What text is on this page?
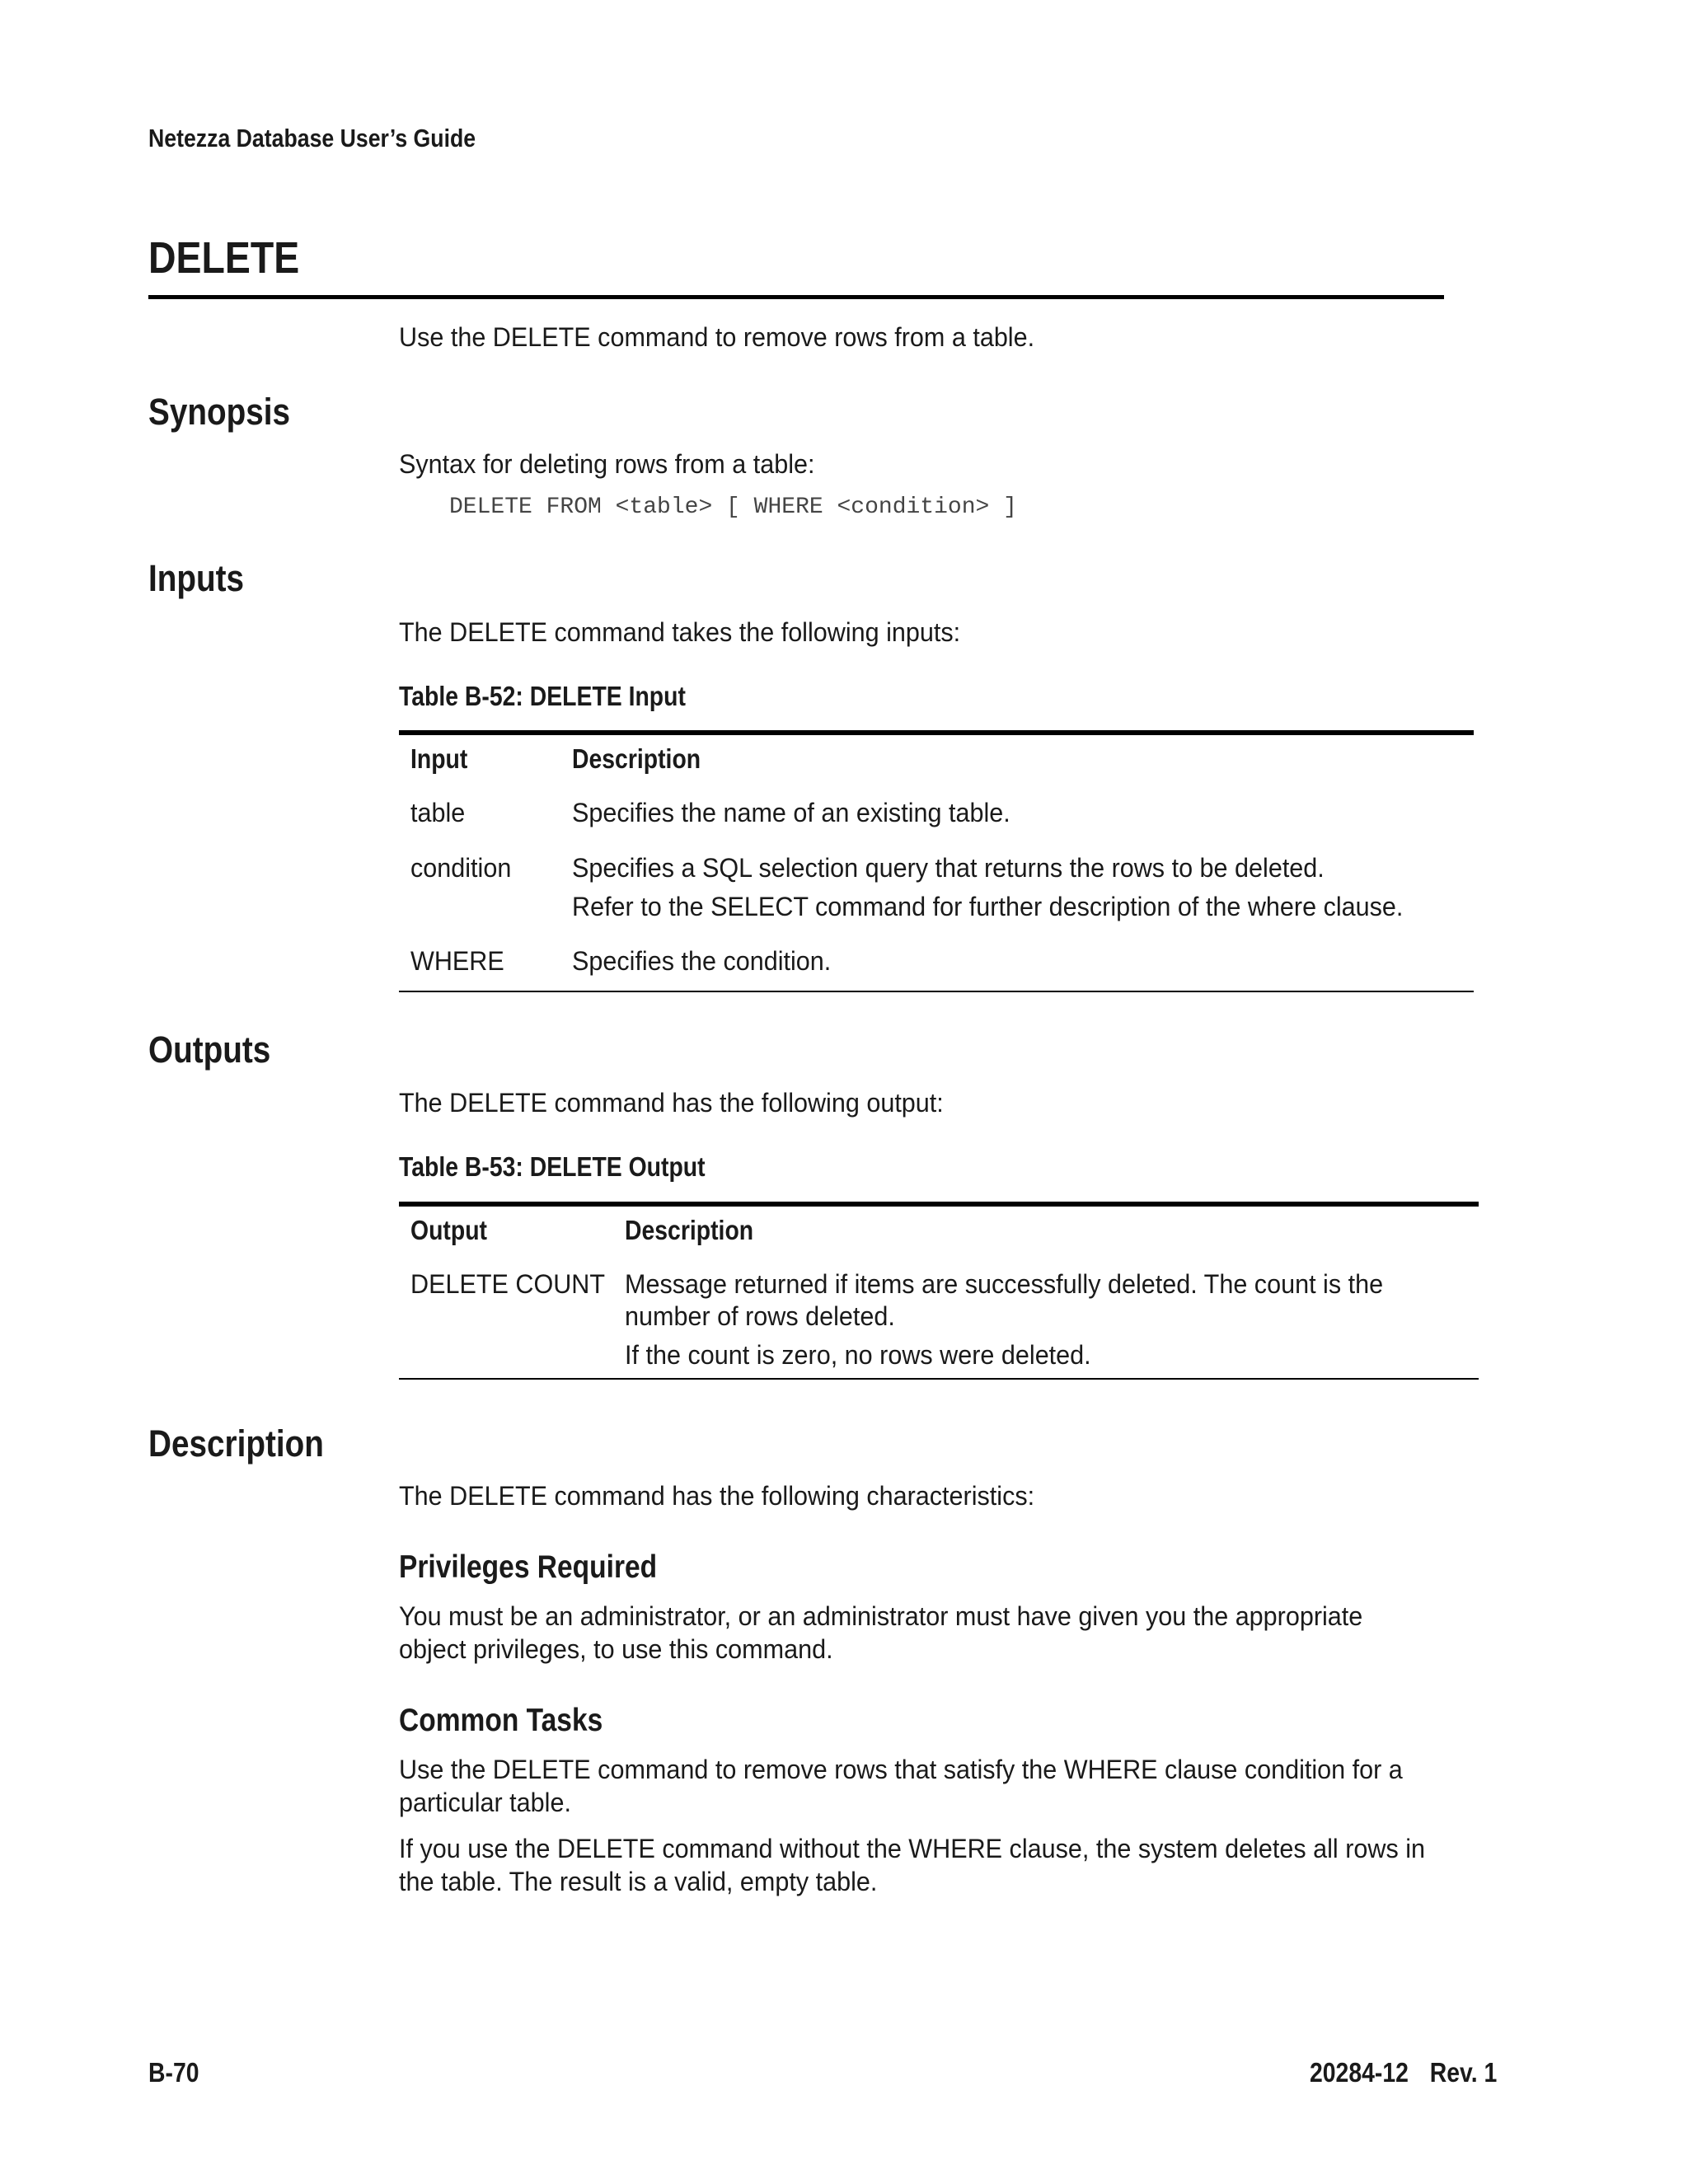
Netezza Database User’s Guide
DELETE
Use the DELETE command to remove rows from a table.
Synopsis
Syntax for deleting rows from a table:
DELETE FROM <table> [ WHERE <condition> ]
Inputs
The DELETE command takes the following inputs:
Table B-52: DELETE Input
Input	Description
table	Specifies the name of an existing table.
condition Specifies a SQL selection query that returns the rows to be deleted.
Refer to the SELECT command for further description of the where clause.
WHERE	Specifies the condition.
Outputs
The DELETE command has the following output:
Table B-53: DELETE Output
Output	Description
DELETE COUNT Message returned if items are successfully deleted. The count is the
number of rows deleted.
If the count is zero, no rows were deleted.
Description
The DELETE command has the following characteristics:
Privileges Required
You must be an administrator, or an administrator must have given you the appropriate
object privileges, to use this command.
Common Tasks
Use the DELETE command to remove rows that satisfy the WHERE clause condition for a
particular table.
If you use the DELETE command without the WHERE clause, the system deletes all rows in
the table. The result is a valid, empty table.
B-70	20284-12 Rev. 1
